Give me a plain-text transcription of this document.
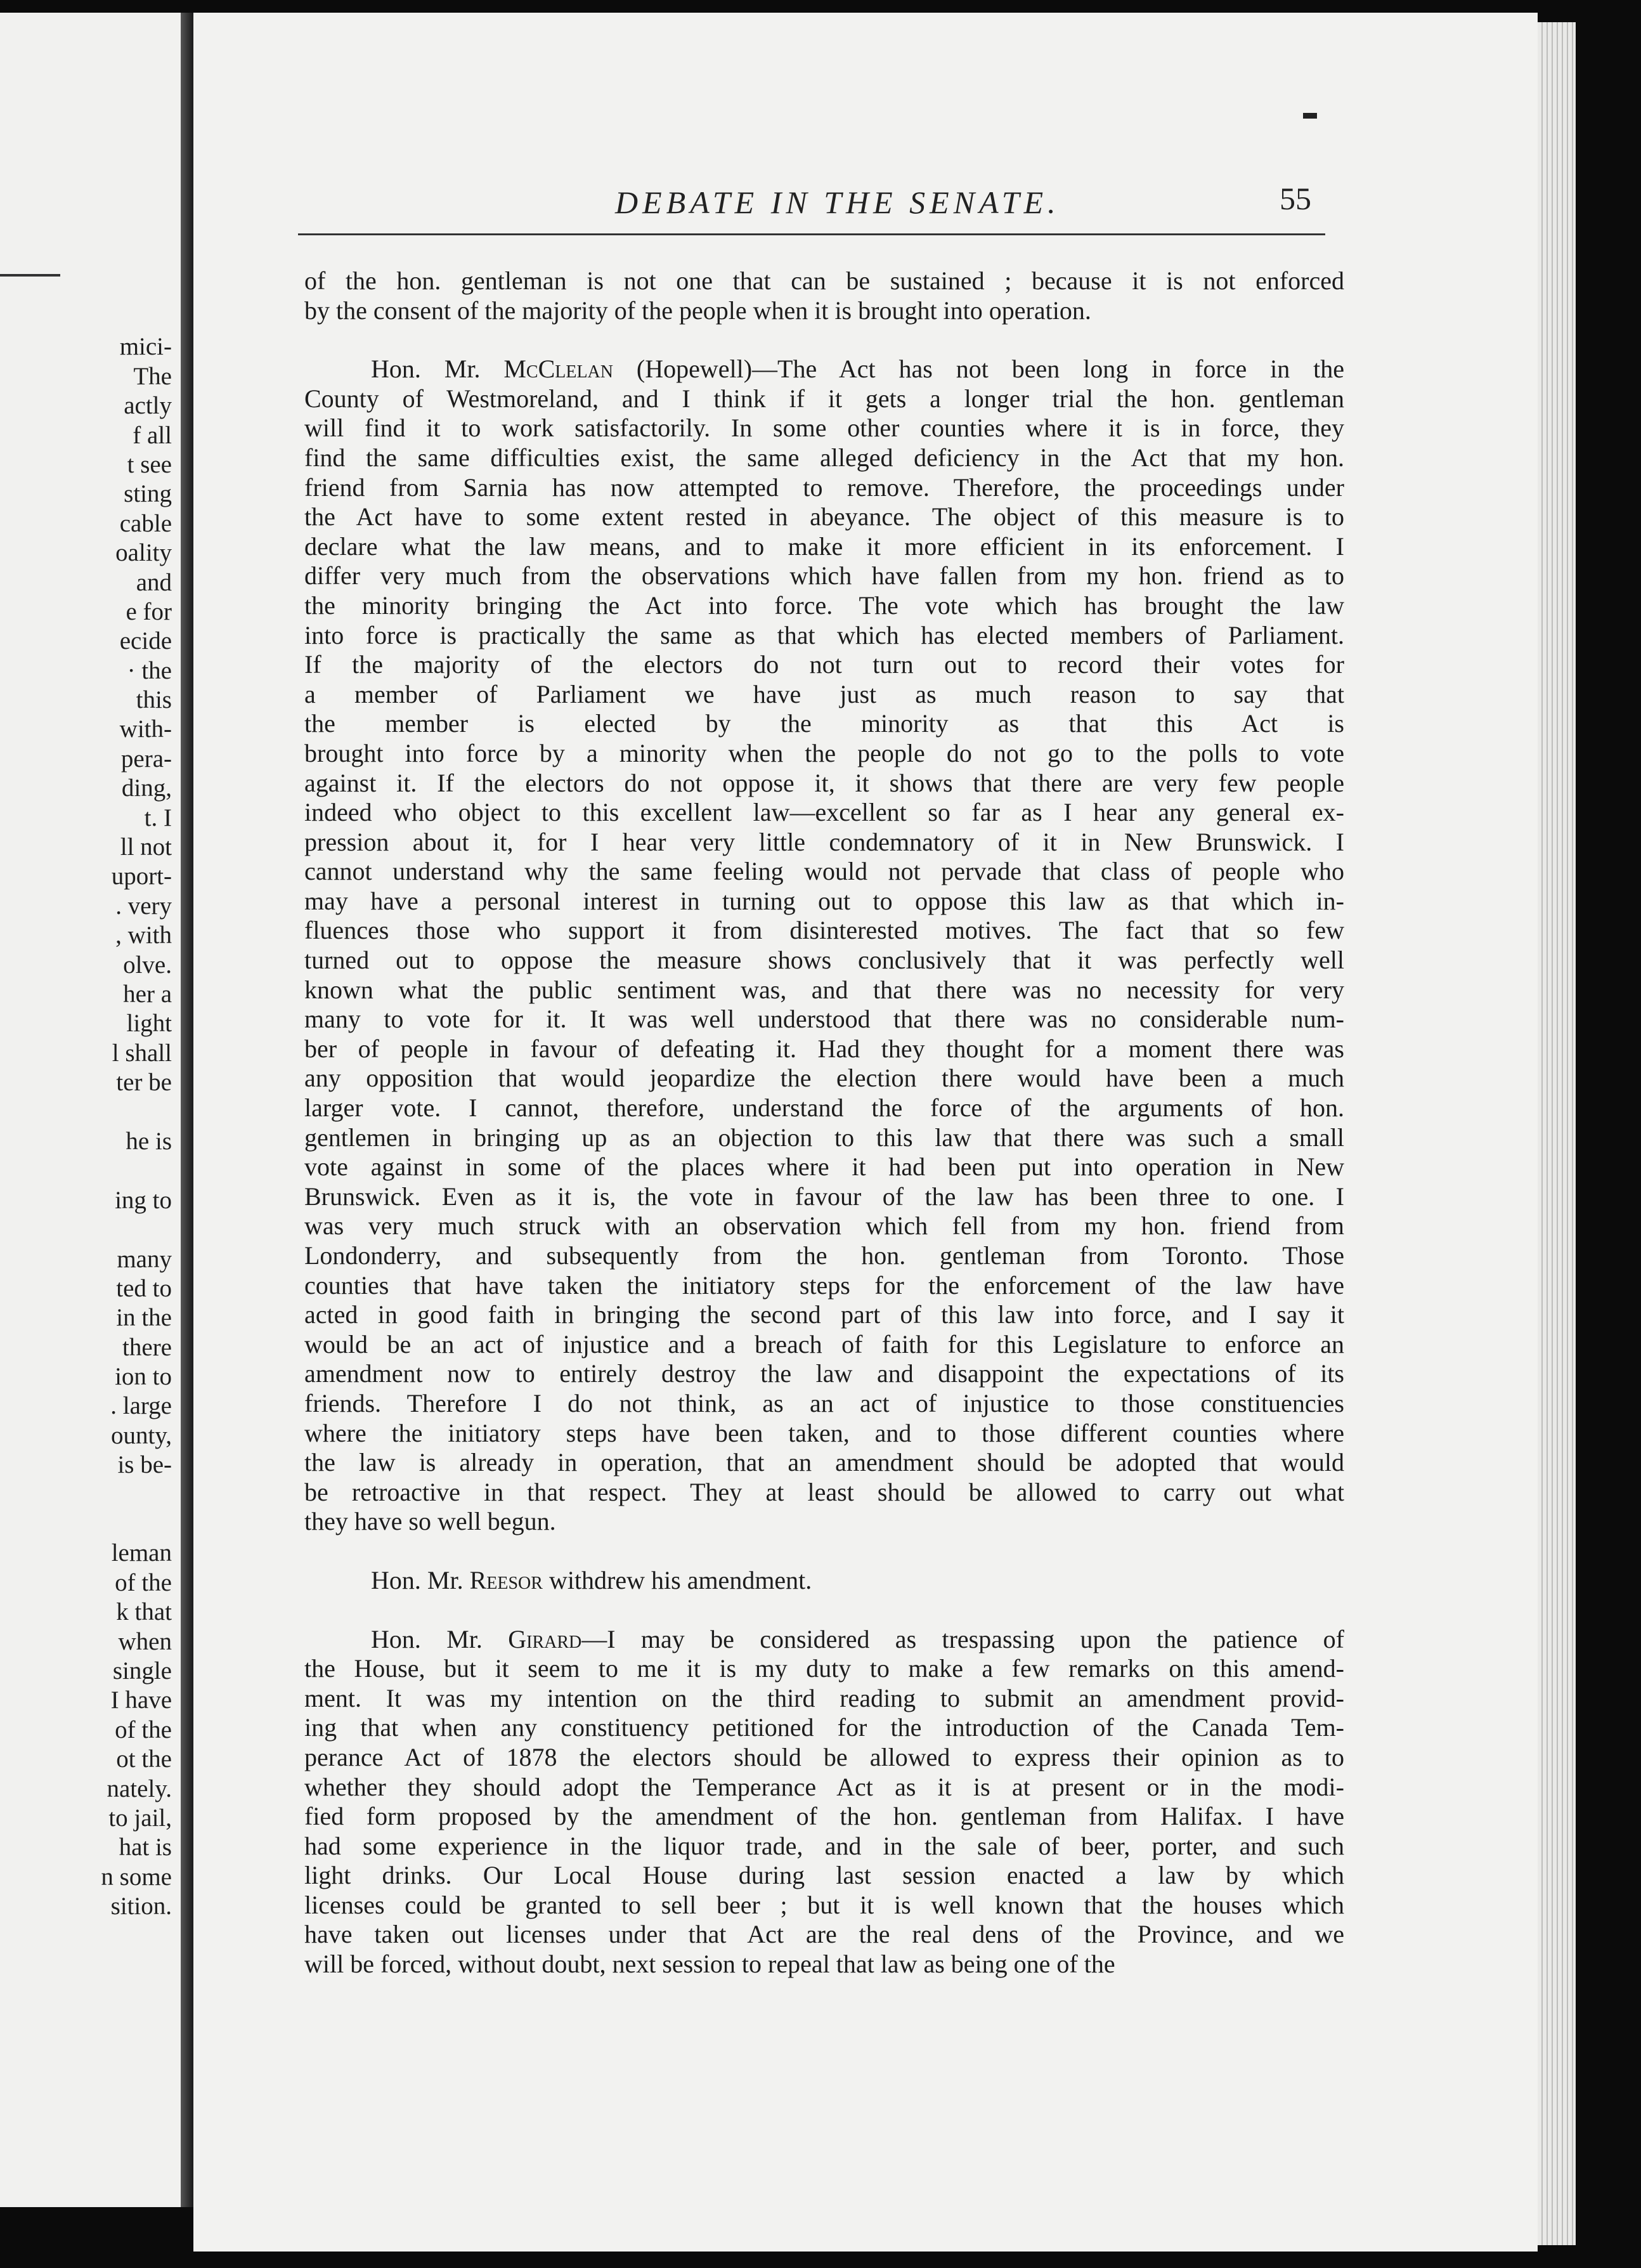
mici-
The
actly
f all
t see
sting
cable
oality
and
e for
ecide
· the
this
with-
pera-
ding,
t. I
ll not
uport-
. very
, with
olve.
her a
light
l shall
ter be
he is
ing to
many
ted to
in the
there
ion to
. large
ounty,
is be-
leman
of the
k that
when
single
I have
of the
ot the
nately.
to jail,
hat is
n some
sition.
DEBATE IN THE SENATE.	55

of the hon. gentleman is not one that can be sustained ; because it is not enforced
by the consent of the majority of the people when it is brought into operation.

Hon. Mr. McClelan (Hopewell)—The Act has not been long in force in the
County of Westmoreland, and I think if it gets a longer trial the hon. gentleman
will find it to work satisfactorily. In some other counties where it is in force, they
find the same difficulties exist, the same alleged deficiency in the Act that my hon.
friend from Sarnia has now attempted to remove. Therefore, the proceedings under
the Act have to some extent rested in abeyance. The object of this measure is to
declare what the law means, and to make it more efficient in its enforcement. I
differ very much from the observations which have fallen from my hon. friend as to
the minority bringing the Act into force. The vote which has brought the law
into force is practically the same as that which has elected members of Parliament.
If the majority of the electors do not turn out to record their votes for
a member of Parliament we have just as much reason to say that
the member is elected by the minority as that this Act is
brought into force by a minority when the people do not go to the polls to vote
against it. If the electors do not oppose it, it shows that there are very few people
indeed who object to this excellent law—excellent so far as I hear any general ex-
pression about it, for I hear very little condemnatory of it in New Brunswick. I
cannot understand why the same feeling would not pervade that class of people who
may have a personal interest in turning out to oppose this law as that which in-
fluences those who support it from disinterested motives. The fact that so few
turned out to oppose the measure shows conclusively that it was perfectly well
known what the public sentiment was, and that there was no necessity for very
many to vote for it. It was well understood that there was no considerable num-
ber of people in favour of defeating it. Had they thought for a moment there was
any opposition that would jeopardize the election there would have been a much
larger vote. I cannot, therefore, understand the force of the arguments of hon.
gentlemen in bringing up as an objection to this law that there was such a small
vote against in some of the places where it had been put into operation in New
Brunswick. Even as it is, the vote in favour of the law has been three to one. I
was very much struck with an observation which fell from my hon. friend from
Londonderry, and subsequently from the hon. gentleman from Toronto. Those
counties that have taken the initiatory steps for the enforcement of the law have
acted in good faith in bringing the second part of this law into force, and I say it
would be an act of injustice and a breach of faith for this Legislature to enforce an
amendment now to entirely destroy the law and disappoint the expectations of its
friends. Therefore I do not think, as an act of injustice to those constituencies
where the initiatory steps have been taken, and to those different counties where
the law is already in operation, that an amendment should be adopted that would
be retroactive in that respect. They at least should be allowed to carry out what
they have so well begun.

Hon. Mr. Reesor withdrew his amendment.

Hon. Mr. Girard—I may be considered as trespassing upon the patience of
the House, but it seem to me it is my duty to make a few remarks on this amend-
ment. It was my intention on the third reading to submit an amendment provid-
ing that when any constituency petitioned for the introduction of the Canada Tem-
perance Act of 1878 the electors should be allowed to express their opinion as to
whether they should adopt the Temperance Act as it is at present or in the modi-
fied form proposed by the amendment of the hon. gentleman from Halifax. I have
had some experience in the liquor trade, and in the sale of beer, porter, and such
light drinks. Our Local House during last session enacted a law by which
licenses could be granted to sell beer ; but it is well known that the houses which
have taken out licenses under that Act are the real dens of the Province, and we
will be forced, without doubt, next session to repeal that law as being one of the
